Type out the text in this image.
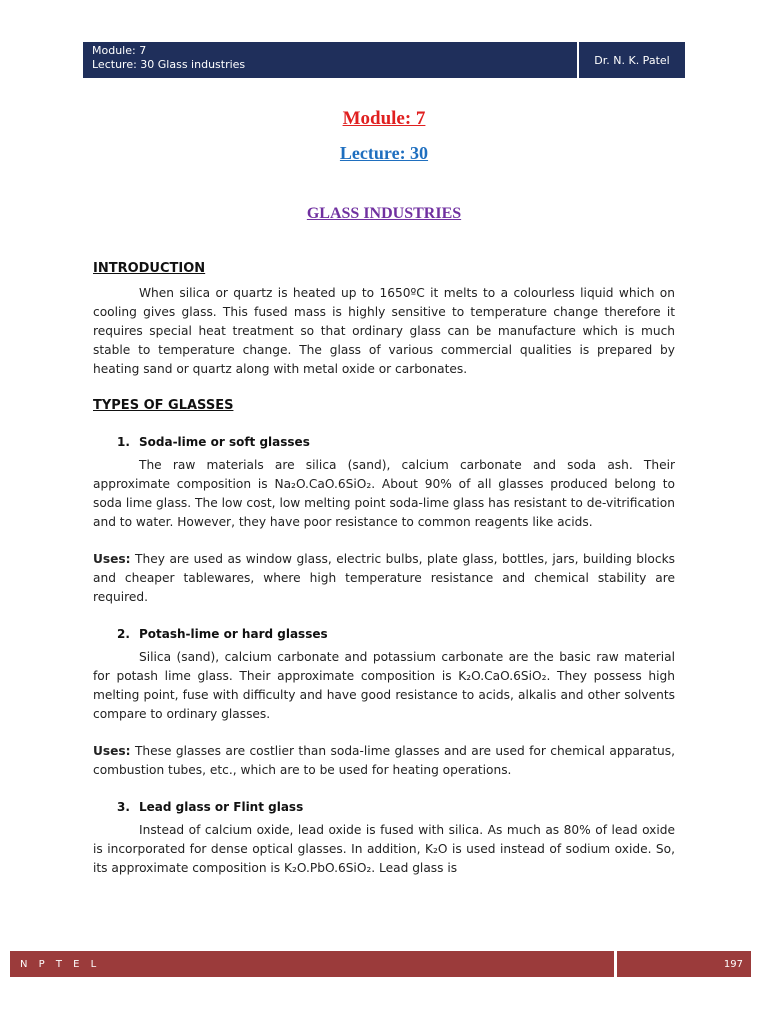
Module: 7
Lecture: 30 Glass industries	Dr. N. K. Patel
Module: 7
Lecture: 30
GLASS INDUSTRIES

INTRODUCTION

When silica or quartz is heated up to 1650ºC it melts to a colourless liquid which on cooling gives glass. This fused mass is highly sensitive to temperature change therefore it requires special heat treatment so that ordinary glass can be manufacture which is much stable to temperature change. The glass of various commercial qualities is prepared by heating sand or quartz along with metal oxide or carbonates.

TYPES OF GLASSES

1. Soda-lime or soft glasses

The raw materials are silica (sand), calcium carbonate and soda ash. Their approximate composition is Na₂O.CaO.6SiO₂. About 90% of all glasses produced belong to soda lime glass. The low cost, low melting point soda-lime glass has resistant to de-vitrification and to water. However, they have poor resistance to common reagents like acids.

Uses: They are used as window glass, electric bulbs, plate glass, bottles, jars, building blocks and cheaper tablewares, where high temperature resistance and chemical stability are required.

2. Potash-lime or hard glasses

Silica (sand), calcium carbonate and potassium carbonate are the basic raw material for potash lime glass. Their approximate composition is K₂O.CaO.6SiO₂. They possess high melting point, fuse with difficulty and have good resistance to acids, alkalis and other solvents compare to ordinary glasses.

Uses: These glasses are costlier than soda-lime glasses and are used for chemical apparatus, combustion tubes, etc., which are to be used for heating operations.

3. Lead glass or Flint glass

Instead of calcium oxide, lead oxide is fused with silica. As much as 80% of lead oxide is incorporated for dense optical glasses. In addition, K₂O is used instead of sodium oxide. So, its approximate composition is K₂O.PbO.6SiO₂. Lead glass is

N P T E L	197
